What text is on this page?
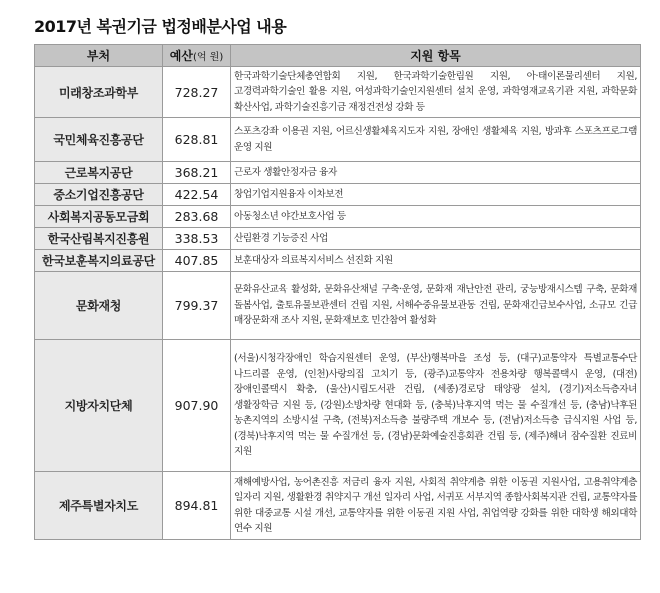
2017년 복권기금 법정배분사업 내용
부처	예산(억 원)	지원 항목
미래창조과학부	728.27	한국과학기술단체총연합회 지원, 한국과학기술한림원 지원, 아·태이론물리센터 지원, 고경력과학기술인 활용 지원, 여성과학기술인지원센터 설치 운영, 과학영재교육기관 지원, 과학문화 확산사업, 과학기술진흥기금 재정건전성 강화 등
국민체육진흥공단	628.81	스포츠강좌 이용권 지원, 어르신생활체육지도자 지원, 장애인 생활체육 지원, 방과후 스포츠프로그램 운영 지원
근로복지공단	368.21	근로자 생활안정자금 융자
중소기업진흥공단	422.54	창업기업지원융자 이차보전
사회복지공동모금회	283.68	아동청소년 야간보호사업 등
한국산림복지진흥원	338.53	산림환경 기능증진 사업
한국보훈복지의료공단	407.85	보훈대상자 의료복지서비스 선진화 지원
문화재청	799.37	문화유산교육 활성화, 문화유산채널 구축·운영, 문화재 재난안전 관리, 궁능방재시스템 구축, 문화재 돌봄사업, 출토유물보관센터 건립 지원, 서해수중유물보관동 건립, 문화재긴급보수사업, 소규모 긴급 매장문화재 조사 지원, 문화재보호 민간참여 활성화
지방자치단체	907.90	(서울)시청각장애인 학습지원센터 운영, (부산)행복마을 조성 등, (대구)교통약자 특별교통수단 나드리콜 운영, (인천)사랑의집 고치기 등, (광주)교통약자 전용차량 행복콜택시 운영, (대전)장애인콜택시 확충, (울산)시립도서관 건립, (세종)경로당 태양광 설치, (경기)저소득층자녀 생활장학금 지원 등, (강원)소방차량 현대화 등, (충북)낙후지역 먹는 물 수질개선 등, (충남)낙후된 농촌지역의 소방시설 구축, (전북)저소득층 불량주택 개보수 등, (전남)저소득층 급식지원 사업 등, (경북)낙후지역 먹는 물 수질개선 등, (경남)문화예술진흥회관 건립 등, (제주)해녀 잠수질환 진료비 지원
제주특별자치도	894.81	재해예방사업, 농어촌진흥 저금리 융자 지원, 사회적 취약계층 위한 이동권 지원사업, 고용취약계층 일자리 지원, 생활환경 취약지구 개선 일자리 사업, 서귀포 서부지역 종합사회복지관 건립, 교통약자를 위한 대중교통 시설 개선, 교통약자를 위한 이동권 지원 사업, 취업역량 강화를 위한 대학생 해외대학 연수 지원
